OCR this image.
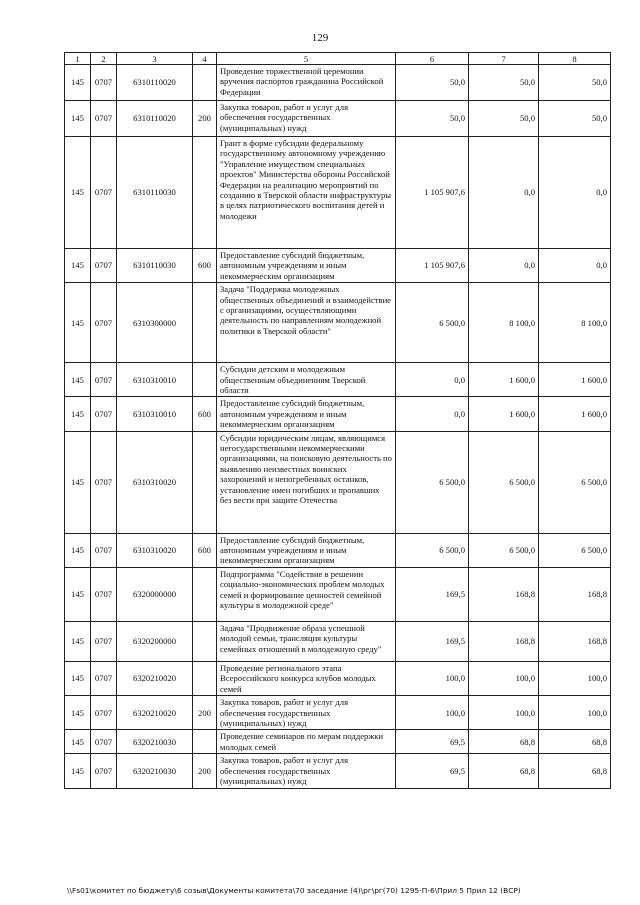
129
1	2	3	4	5	6	7	8
145	0707	6310110020		Проведение торжественной церемонии вручения паспортов гражданина Российской Федерации	50,0	50,0	50,0
145	0707	6310110020	200	Закупка товаров, работ и услуг для обеспечения государственных (муниципальных) нужд	50,0	50,0	50,0
145	0707	6310110030		Грант в форме субсидии федеральному государственному автономному учреждению "Управление имуществом специальных проектов" Министерства обороны Российской Федерации на реализацию мероприятий по созданию в Тверской области инфраструктуры в целях патриотического воспитания детей и молодежи	1 105 907,6	0,0	0,0
145	0707	6310110030	600	Предоставление субсидий бюджетным, автономным учреждениям и иным некоммерческим организациям	1 105 907,6	0,0	0,0
145	0707	6310300000		Задача "Поддержка молодежных общественных объединений и взаимодействие с организациями, осуществляющими деятельность по направлениям молодежной политики в Тверской области"	6 500,0	8 100,0	8 100,0
145	0707	6310310010		Субсидии детским и молодежным общественным объединениям Тверской области	0,0	1 600,0	1 600,0
145	0707	6310310010	600	Предоставление субсидий бюджетным, автономным учреждениям и иным некоммерческим организациям	0,0	1 600,0	1 600,0
145	0707	6310310020		Субсидии юридическим лицам, являющимся негосударственными некоммерческими организациями, на поисковую деятельность по выявлению неизвестных воинских захоронений и непогребенных останков, установление имен погибших и пропавших без вести при защите Отечества	6 500,0	6 500,0	6 500,0
145	0707	6310310020	600	Предоставление субсидий бюджетным, автономным учреждениям и иным некоммерческим организациям	6 500,0	6 500,0	6 500,0
145	0707	6320000000		Подпрограмма "Содействие в решении социально-экономических проблем молодых семей и формирование ценностей семейной культуры в молодежной среде"	169,5	168,8	168,8
145	0707	6320200000		Задача "Продвижение образа успешной молодой семьи, трансляция культуры семейных отношений в молодежную среду"	169,5	168,8	168,8
145	0707	6320210020		Проведение регионального этапа Всероссийского конкурса клубов молодых семей	100,0	100,0	100,0
145	0707	6320210020	200	Закупка товаров, работ и услуг для обеспечения государственных (муниципальных) нужд	100,0	100,0	100,0
145	0707	6320210030		Проведение семинаров по мерам поддержки молодых семей	69,5	68,8	68,8
145	0707	6320210030	200	Закупка товаров, работ и услуг для обеспечения государственных (муниципальных) нужд	69,5	68,8	68,8
\\Fs01\комитет по бюджету\6 созыв\Документы комитета\70 заседание (4)\рг\рг(70) 1295-П-6\Прил 5 Прил 12 (ВСР)
